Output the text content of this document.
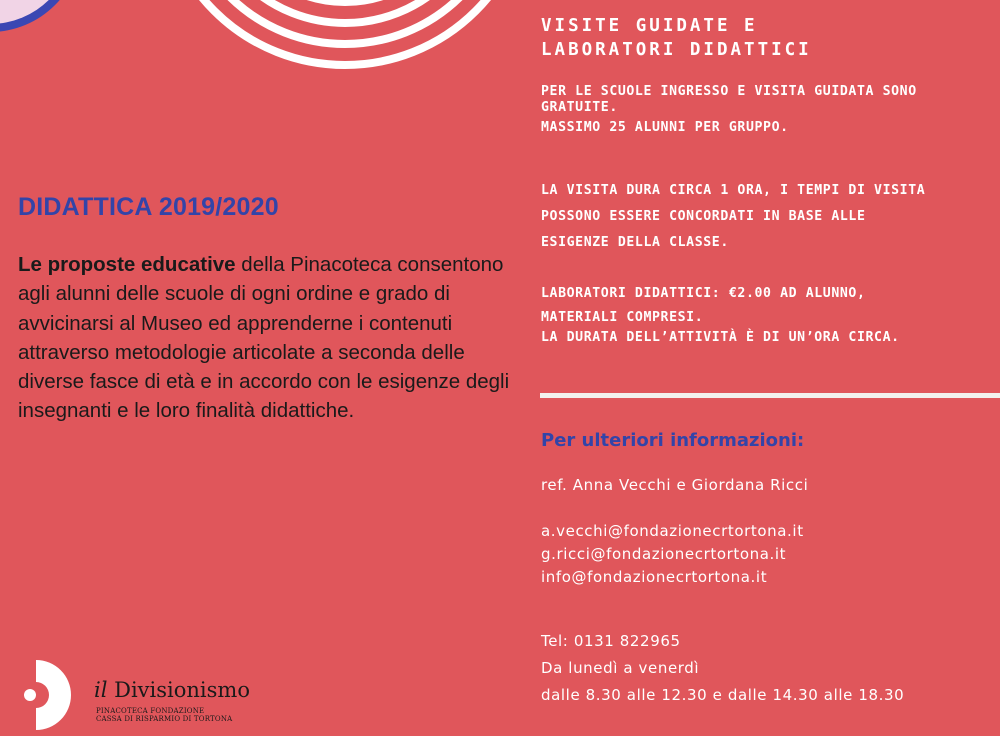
DIDATTICA 2019/2020

Le proposte educative della Pinacoteca consentono agli alunni delle scuole di ogni ordine e grado di avvicinarsi al Museo ed apprenderne i contenuti attraverso metodologie articolate a seconda delle diverse fasce di età e in accordo con le esigenze degli insegnanti e le loro finalità didattiche.

VISITE GUIDATE E
LABORATORI DIDATTICI
PER LE SCUOLE INGRESSO E VISITA GUIDATA SONO
GRATUITE.
MASSIMO 25 ALUNNI PER GRUPPO.
LA VISITA DURA CIRCA 1 ORA, I TEMPI DI VISITA
POSSONO ESSERE CONCORDATI IN BASE ALLE
ESIGENZE DELLA CLASSE.
LABORATORI DIDATTICI: €2.00 AD ALUNNO,
MATERIALI COMPRESI.
LA DURATA DELL’ATTIVITÀ È DI UN’ORA CIRCA.
Per ulteriori informazioni:
ref. Anna Vecchi e Giordana Ricci
a.vecchi@fondazionecrtortona.it
g.ricci@fondazionecrtortona.it
info@fondazionecrtortona.it
Tel: 0131 822965
Da lunedì a venerdì
dalle 8.30 alle 12.30 e dalle 14.30 alle 18.30
il Divisionismo
PINACOTECA FONDAZIONE
CASSA DI RISPARMIO DI TORTONA
